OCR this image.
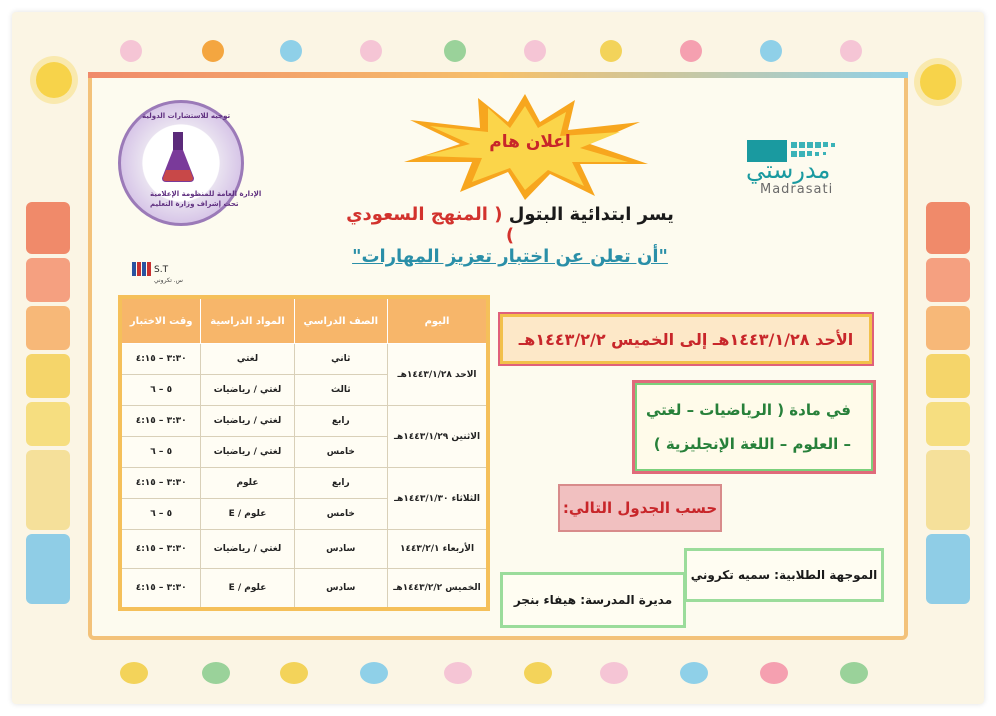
توجيه للاستشارات الدولية
الإدارة العامة للمنظومة الإعلامية
تحت إشراف وزارة التعليم
مدرستي
Madrasati
S.T
س. تكروني
اعلان هام
يسر ابتدائية البتول ( المنهج السعودي )
"أن تعلن عن اختبار تعزيز المهارات"
اليوم	الصف الدراسي	المواد الدراسية	وقت الاختبار
الاحد ١٤٤٣/١/٢٨هـ	ثاني	لغتي	٣:٣٠ – ٤:١٥
	ثالث	لغتي / رياضيات	٥ – ٦
الاثنين ١٤٤٣/١/٢٩هـ	رابع	لغتي / رياضيات	٣:٣٠ – ٤:١٥
	خامس	لغتي / رياضيات	٥ – ٦
الثلاثاء ١٤٤٣/١/٣٠هـ	رابع	علوم	٣:٣٠ – ٤:١٥
	خامس	علوم / E	٥ – ٦
الأربعاء ١٤٤٣/٢/١	سادس	لغتي / رياضيات	٣:٣٠ – ٤:١٥
الخميس ١٤٤٣/٢/٢هـ	سادس	علوم / E	٣:٣٠ – ٤:١٥
الأحد ١٤٤٣/١/٢٨هـ إلى الخميس ١٤٤٣/٢/٢هـ
في مادة ( الرياضيات – لغتي
– العلوم – اللغة الإنجليزية )
حسب الجدول التالي:
الموجهة الطلابية: سميه تكروني
مديرة المدرسة: هيفاء بنجر
